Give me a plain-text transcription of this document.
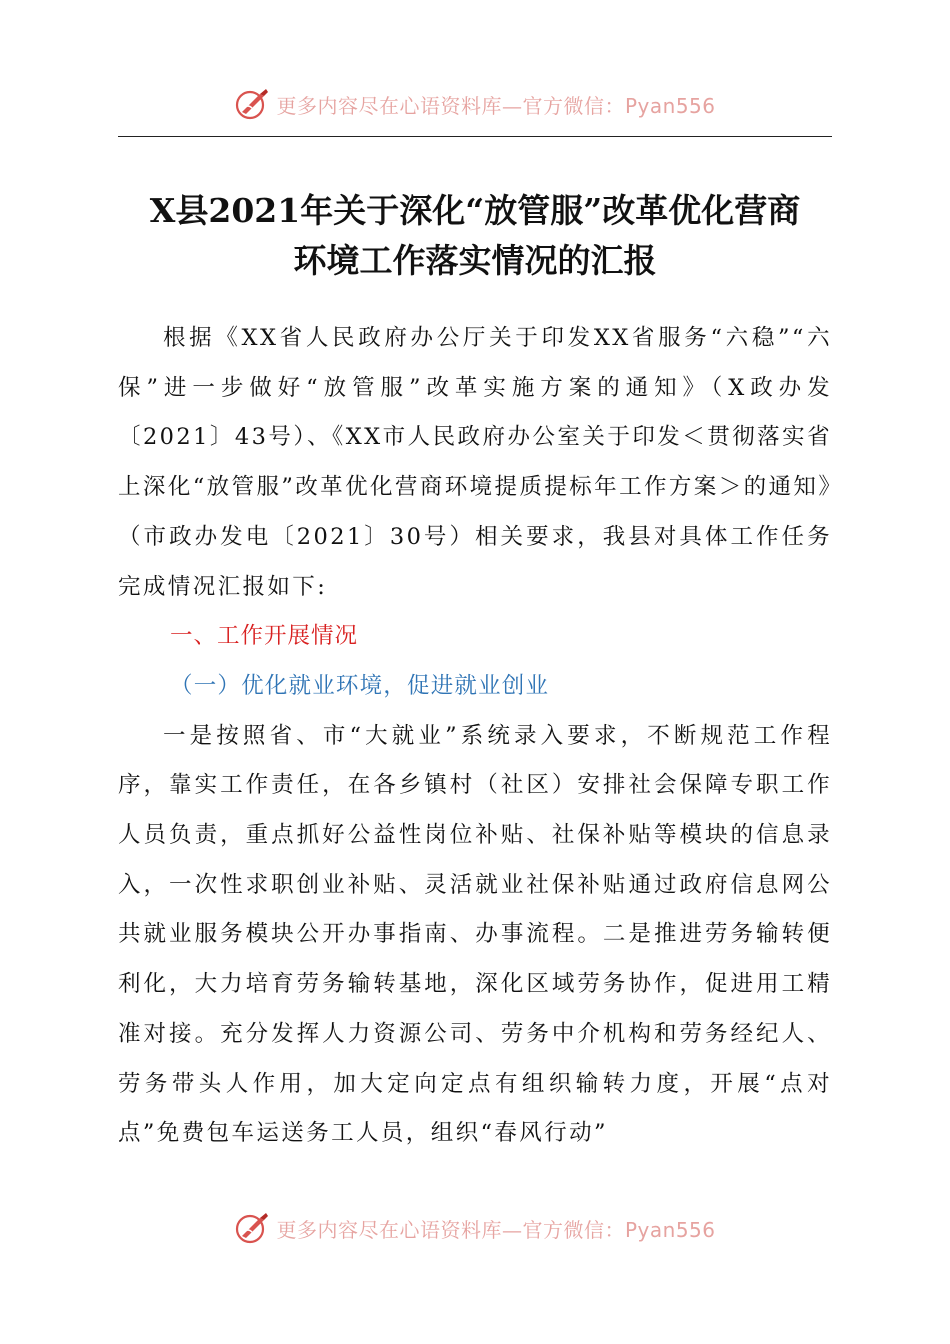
更多内容尽在心语资料库—官方微信：Pyan556
X县2021年关于深化“放管服”改革优化营商
环境工作落实情况的汇报

根据《XX省人民政府办公厅关于印发XX省服务“六稳”“六保”进一步做好“放管服”改革实施方案的通知》（X政办发〔2021〕43号）、《XX市人民政府办公室关于印发＜贯彻落实省上深化“放管服”改革优化营商环境提质提标年工作方案＞的通知》（市政办发电〔2021〕30号）相关要求，我县对具体工作任务完成情况汇报如下:

一、工作开展情况
（一）优化就业环境，促进就业创业

一是按照省、市“大就业”系统录入要求，不断规范工作程序，靠实工作责任，在各乡镇村（社区）安排社会保障专职工作人员负责，重点抓好公益性岗位补贴、社保补贴等模块的信息录入，一次性求职创业补贴、灵活就业社保补贴通过政府信息网公共就业服务模块公开办事指南、办事流程。二是推进劳务输转便利化，大力培育劳务输转基地，深化区域劳务协作，促进用工精准对接。充分发挥人力资源公司、劳务中介机构和劳务经纪人、劳务带头人作用，加大定向定点有组织输转力度，开展“点对点”免费包车运送务工人员，组织“春风行动”

更多内容尽在心语资料库—官方微信：Pyan556
